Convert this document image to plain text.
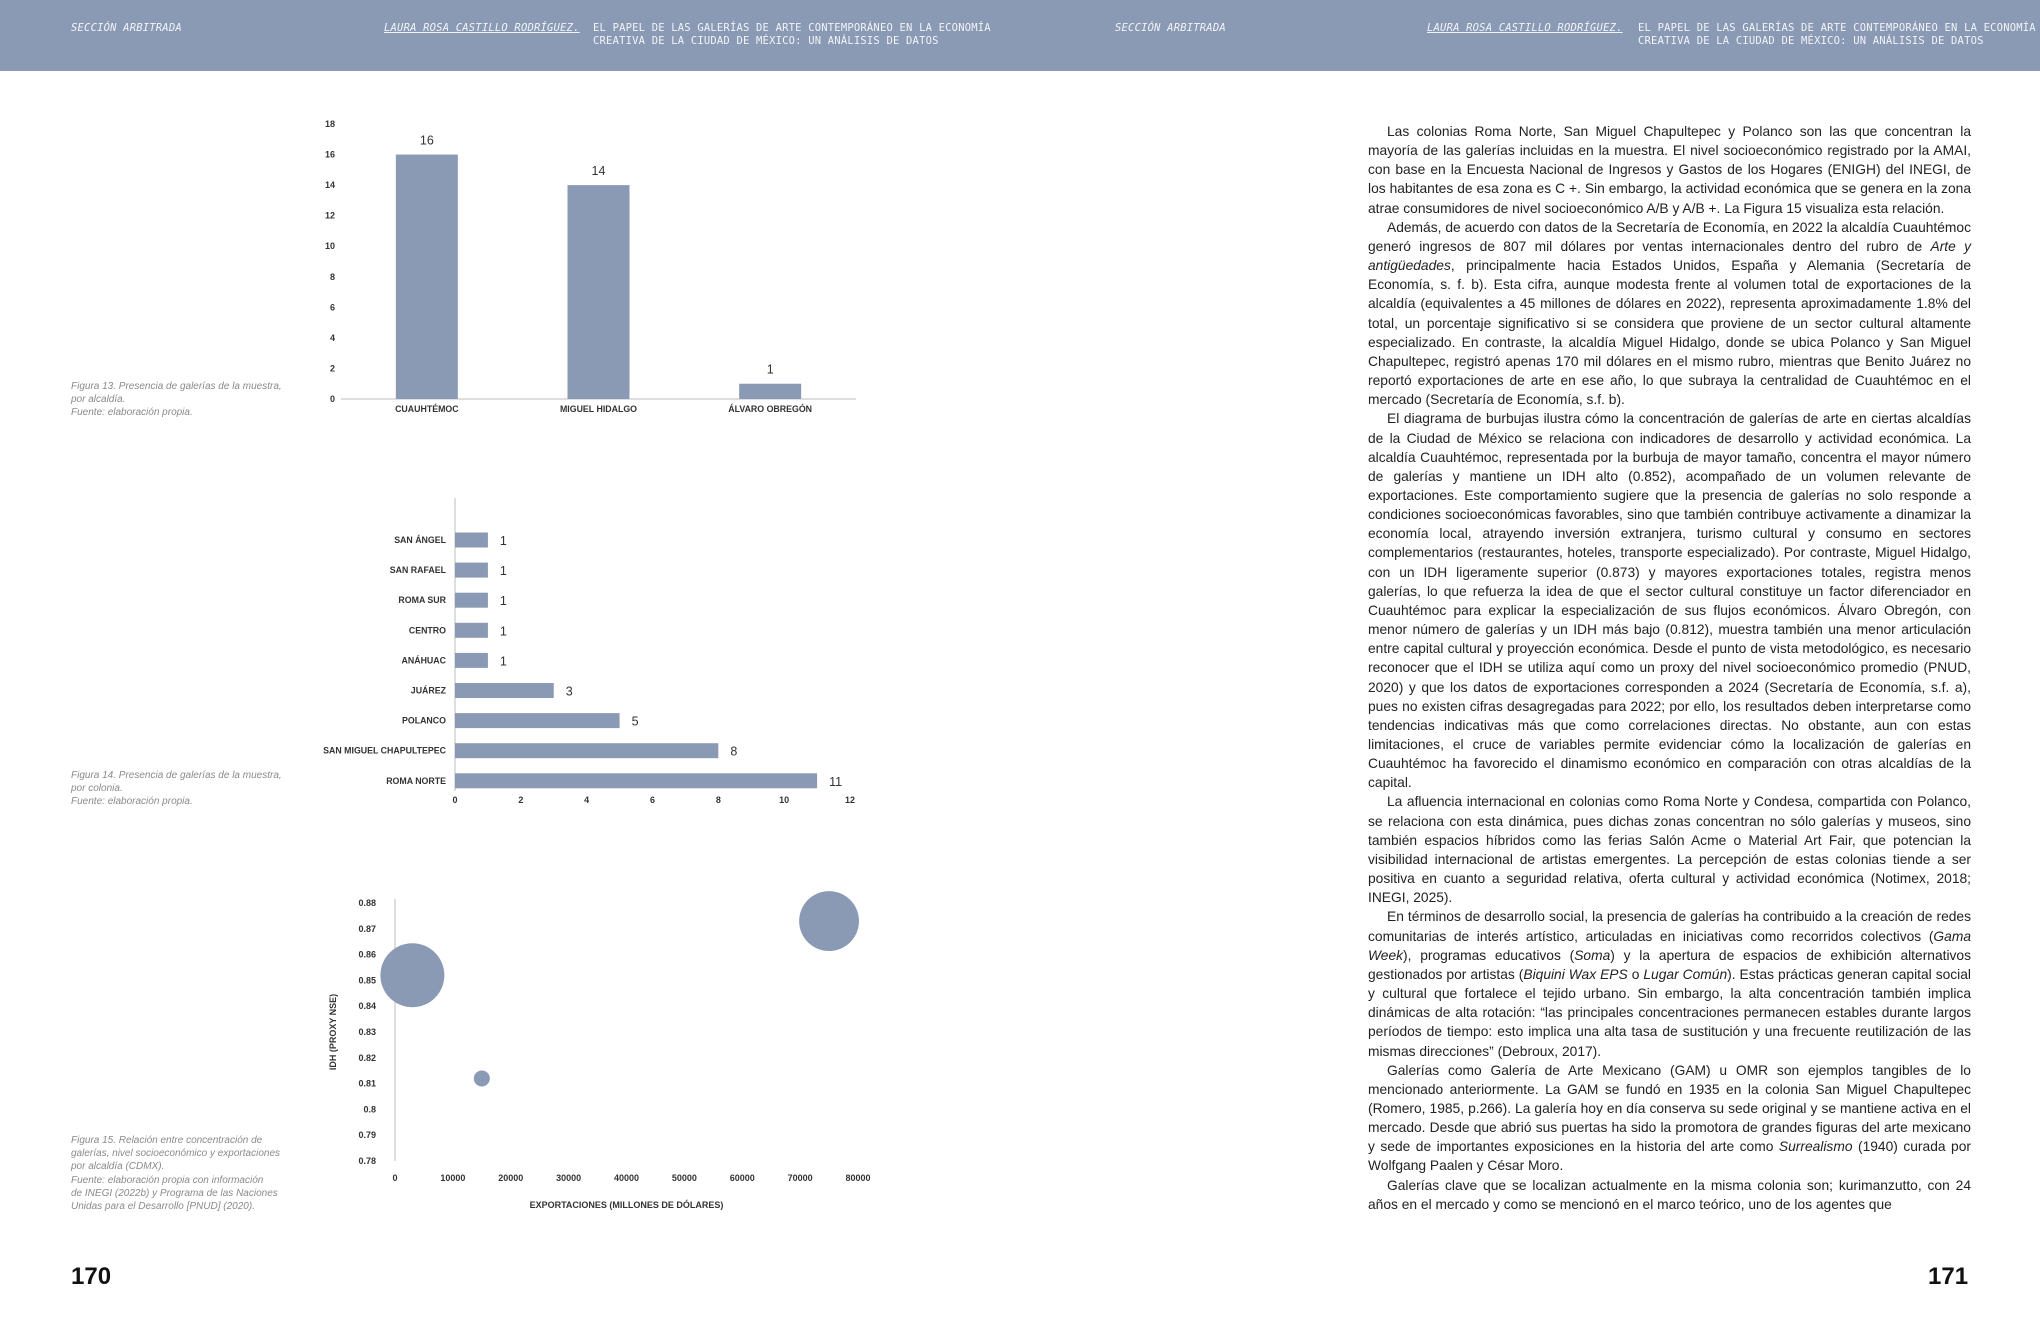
SECCIÓN ARBITRADA	LAURA ROSA CASTILLO RODRÍGUEZ. EL PAPEL DE LAS GALERÍAS DE ARTE CONTEMPORÁNEO EN LA ECONOMÍA
CREATIVA DE LA CIUDAD DE MÉXICO: UN ANÁLISIS DE DATOS
SECCIÓN ARBITRADA	LAURA ROSA CASTILLO RODRÍGUEZ. EL PAPEL DE LAS GALERÍAS DE ARTE CONTEMPORÁNEO EN LA ECONOMÍA
CREATIVA DE LA CIUDAD DE MÉXICO: UN ANÁLISIS DE DATOS
Figura 13. Presencia de galerías de la muestra,
por alcaldía.
Fuente: elaboración propia.
Figura 14. Presencia de galerías de la muestra,
por colonia.
Fuente: elaboración propia.
Figura 15. Relación entre concentración de
galerías, nivel socioeconómico y exportaciones
por alcaldía (CDMX).
Fuente: elaboración propia con información
de INEGI (2022b) y Programa de las Naciones
Unidas para el Desarrollo [PNUD] (2020).
0
2
4
6
8
10
12
14
16
18
16
CUAUHTÉMOC
14
MIGUEL HIDALGO
1
ÁLVARO OBREGÓN
1
SAN ÁNGEL
1
SAN RAFAEL
1
ROMA SUR
1
CENTRO
1
ANÁHUAC
3
JUÁREZ
5
POLANCO
8
SAN MIGUEL CHAPULTEPEC
11
ROMA NORTE
0	2	4	6	8	10	12
0.78
0.79
0.8
0.81
0.82
0.83
0.84
0.85
0.86
0.87
0.88
0	10000	20000	30000	40000	50000	60000	70000	80000
EXPORTACIONES (MILLONES DE DÓLARES)
IDH (PROXY NSE)

Las colonias Roma Norte, San Miguel Chapultepec y Polanco son las que concentran la mayoría de las galerías incluidas en la muestra. El nivel socioeconómico registrado por la AMAI, con base en la Encuesta Nacional de Ingresos y Gastos de los Hogares (ENIGH) del INEGI, de los habitantes de esa zona es C +. Sin embargo, la actividad económica que se genera en la zona atrae consumidores de nivel socioeconómico A/B y A/B +. La Figura 15 visualiza esta relación.

Además, de acuerdo con datos de la Secretaría de Economía, en 2022 la alcaldía Cuauhtémoc generó ingresos de 807 mil dólares por ventas internacionales dentro del rubro de Arte y antigüedades, principalmente hacia Estados Unidos, España y Alemania (Secretaría de Economía, s. f. b). Esta cifra, aunque modesta frente al volumen total de exportaciones de la alcaldía (equivalentes a 45 millones de dólares en 2022), representa aproximadamente 1.8% del total, un porcentaje significativo si se considera que proviene de un sector cultural altamente especializado. En contraste, la alcaldía Miguel Hidalgo, donde se ubica Polanco y San Miguel Chapultepec, registró apenas 170 mil dólares en el mismo rubro, mientras que Benito Juárez no reportó exportaciones de arte en ese año, lo que subraya la centralidad de Cuauhtémoc en el mercado (Secretaría de Economía, s.f. b).

El diagrama de burbujas ilustra cómo la concentración de galerías de arte en ciertas alcaldías de la Ciudad de México se relaciona con indicadores de desarrollo y actividad económica. La alcaldía Cuauhtémoc, representada por la burbuja de mayor tamaño, concentra el mayor número de galerías y mantiene un IDH alto (0.852), acompañado de un volumen relevante de exportaciones. Este comportamiento sugiere que la presencia de galerías no solo responde a condiciones socioeconómicas favorables, sino que también contribuye activamente a dinamizar la economía local, atrayendo inversión extranjera, turismo cultural y consumo en sectores complementarios (restaurantes, hoteles, transporte especializado). Por contraste, Miguel Hidalgo, con un IDH ligeramente superior (0.873) y mayores exportaciones totales, registra menos galerías, lo que refuerza la idea de que el sector cultural constituye un factor diferenciador en Cuauhtémoc para explicar la especialización de sus flujos económicos. Álvaro Obregón, con menor número de galerías y un IDH más bajo (0.812), muestra también una menor articulación entre capital cultural y proyección económica. Desde el punto de vista metodológico, es necesario reconocer que el IDH se utiliza aquí como un proxy del nivel socioeconómico promedio (PNUD, 2020) y que los datos de exportaciones corresponden a 2024 (Secretaría de Economía, s.f. a), pues no existen cifras desagregadas para 2022; por ello, los resultados deben interpretarse como tendencias indicativas más que como correlaciones directas. No obstante, aun con estas limitaciones, el cruce de variables permite evidenciar cómo la localización de galerías en Cuauhtémoc ha favorecido el dinamismo económico en comparación con otras alcaldías de la capital.

La afluencia internacional en colonias como Roma Norte y Condesa, compartida con Polanco, se relaciona con esta dinámica, pues dichas zonas concentran no sólo galerías y museos, sino también espacios híbridos como las ferias Salón Acme o Material Art Fair, que potencian la visibilidad internacional de artistas emergentes. La percepción de estas colonias tiende a ser positiva en cuanto a seguridad relativa, oferta cultural y actividad económica (Notimex, 2018; INEGI, 2025).

En términos de desarrollo social, la presencia de galerías ha contribuido a la creación de redes comunitarias de interés artístico, articuladas en iniciativas como recorridos colectivos (Gama Week), programas educativos (Soma) y la apertura de espacios de exhibición alternativos gestionados por artistas (Biquini Wax EPS o Lugar Común). Estas prácticas generan capital social y cultural que fortalece el tejido urbano. Sin embargo, la alta concentración también implica dinámicas de alta rotación: “las principales concentraciones permanecen estables durante largos períodos de tiempo: esto implica una alta tasa de sustitución y una frecuente reutilización de las mismas direcciones” (Debroux, 2017).

Galerías como Galería de Arte Mexicano (GAM) u OMR son ejemplos tangibles de lo mencionado anteriormente. La GAM se fundó en 1935 en la colonia San Miguel Chapultepec (Romero, 1985, p.266). La galería hoy en día conserva su sede original y se mantiene activa en el mercado. Desde que abrió sus puertas ha sido la promotora de grandes figuras del arte mexicano y sede de importantes exposiciones en la historia del arte como Surrealismo (1940) curada por Wolfgang Paalen y César Moro.

Galerías clave que se localizan actualmente en la misma colonia son; kurimanzutto, con 24 años en el mercado y como se mencionó en el marco teórico, uno de los agentes que

170	171
